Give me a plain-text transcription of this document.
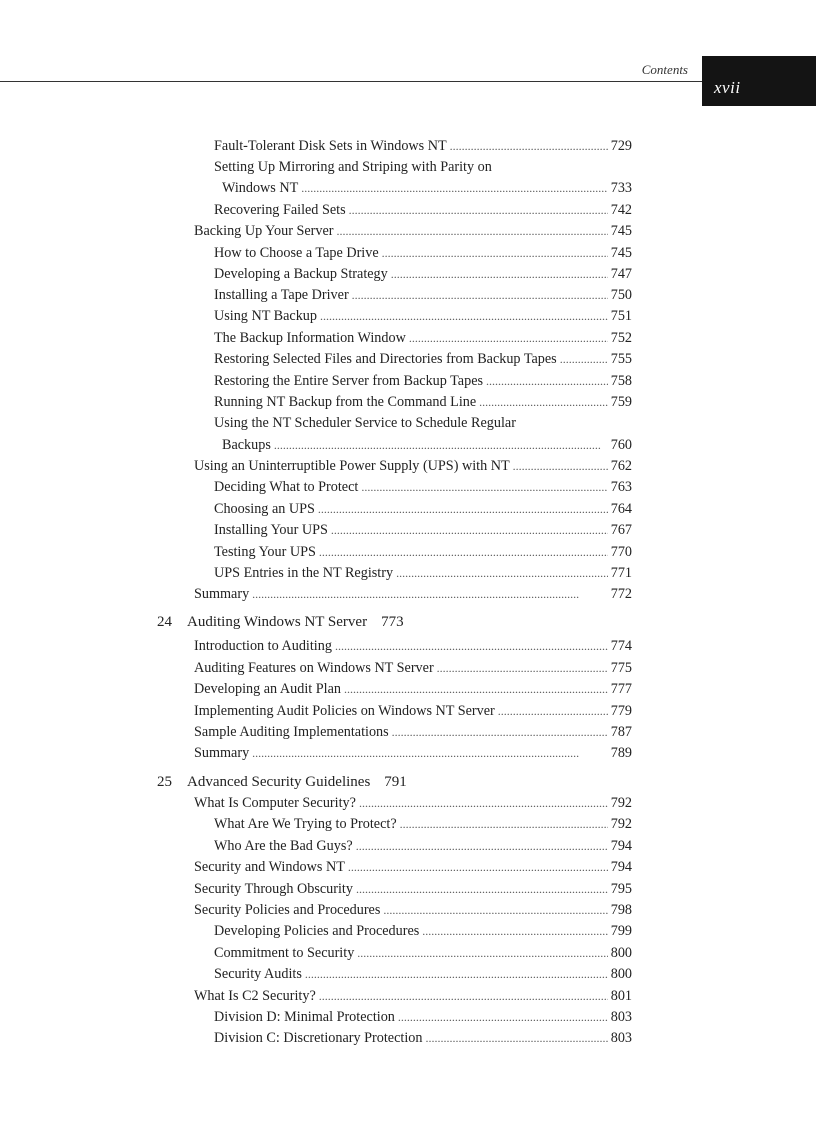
Contents
xvii
Fault-Tolerant Disk Sets in Windows NT . . .	729
Setting Up Mirroring and Striping with Parity on
Windows NT . . .	733
Recovering Failed Sets . . .	742
Backing Up Your Server . . .	745
How to Choose a Tape Drive . . .	745
Developing a Backup Strategy . . .	747
Installing a Tape Driver . . .	750
Using NT Backup . . .	751
The Backup Information Window . . .	752
Restoring Selected Files and Directories from Backup Tapes . . .	755
Restoring the Entire Server from Backup Tapes . . .	758
Running NT Backup from the Command Line . . .	759
Using the NT Scheduler Service to Schedule Regular
Backups . . .	760
Using an Uninterruptible Power Supply (UPS) with NT . . .	762
Deciding What to Protect . . .	763
Choosing an UPS . . .	764
Installing Your UPS . . .	767
Testing Your UPS . . .	770
UPS Entries in the NT Registry . . .	771
Summary . . .	772
24 Auditing Windows NT Server 773
Introduction to Auditing . . .	774
Auditing Features on Windows NT Server . . .	775
Developing an Audit Plan . . .	777
Implementing Audit Policies on Windows NT Server . . .	779
Sample Auditing Implementations . . .	787
Summary . . .	789
25 Advanced Security Guidelines 791
What Is Computer Security? . . .	792
What Are We Trying to Protect? . . .	792
Who Are the Bad Guys? . . .	794
Security and Windows NT . . .	794
Security Through Obscurity . . .	795
Security Policies and Procedures . . .	798
Developing Policies and Procedures . . .	799
Commitment to Security . . .	800
Security Audits . . .	800
What Is C2 Security? . . .	801
Division D: Minimal Protection . . .	803
Division C: Discretionary Protection . . .	803
